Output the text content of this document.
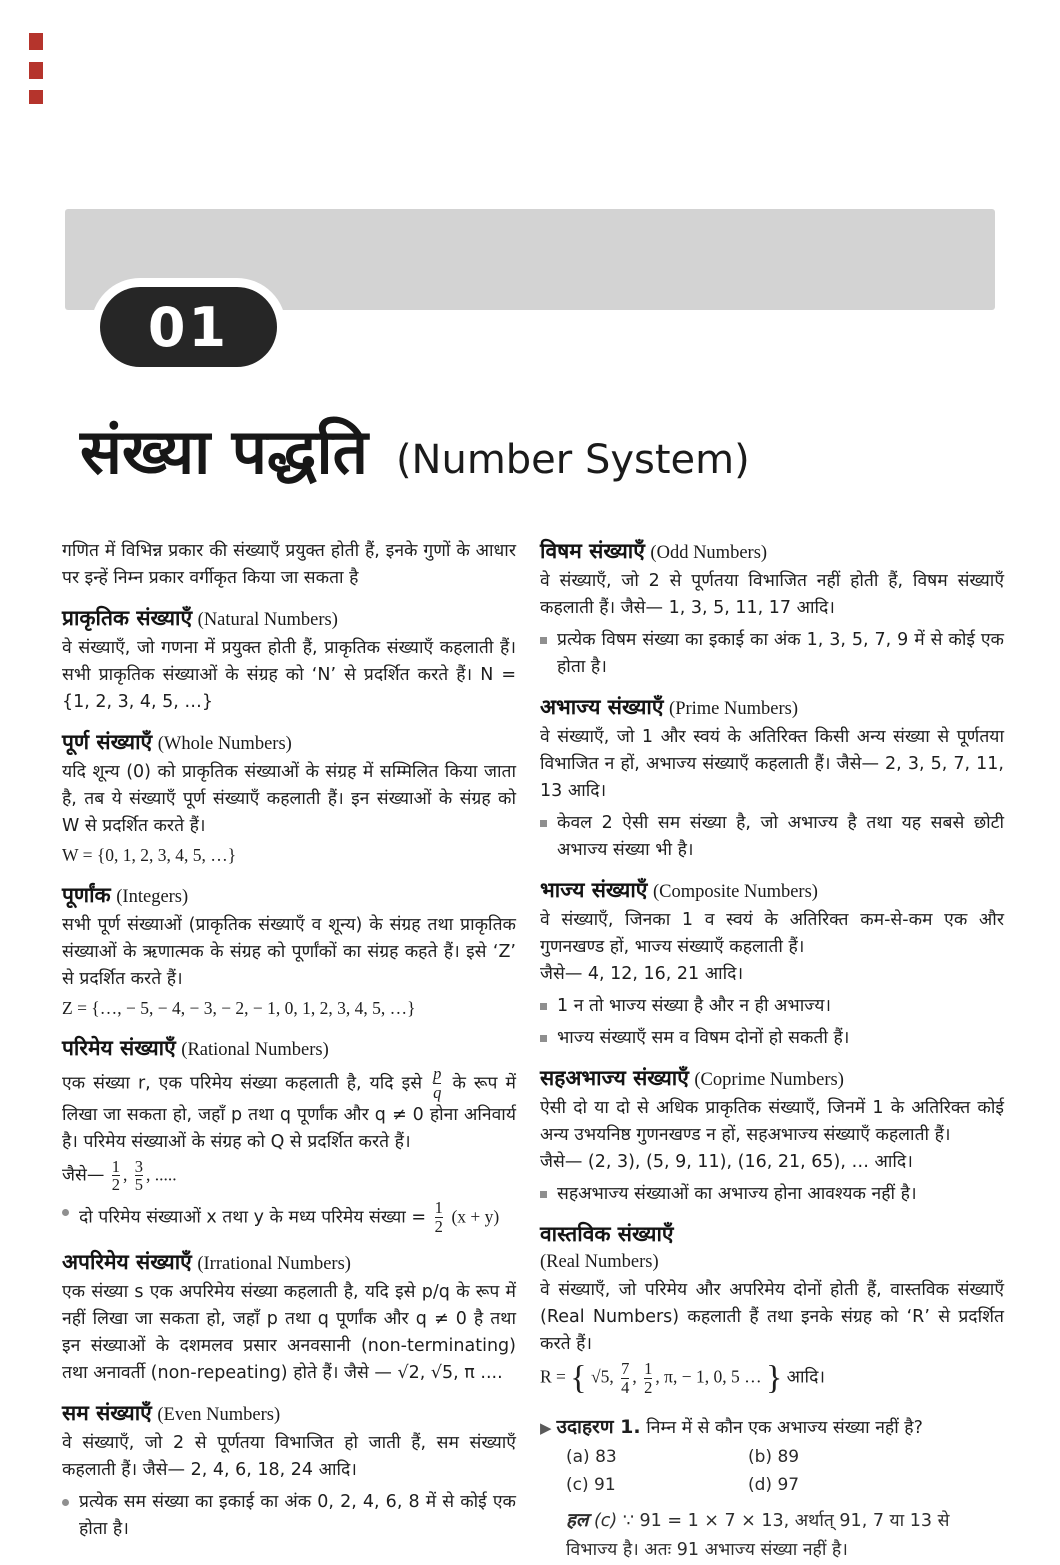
01
संख्या पद्धति (Number System)

गणित में विभिन्न प्रकार की संख्याएँ प्रयुक्त होती हैं, इनके गुणों के आधार पर इन्हें निम्न प्रकार वर्गीकृत किया जा सकता है

प्राकृतिक संख्याएँ (Natural Numbers)

वे संख्याएँ, जो गणना में प्रयुक्त होती हैं, प्राकृतिक संख्याएँ कहलाती हैं। सभी प्राकृतिक संख्याओं के संग्रह को ‘N’ से प्रदर्शित करते हैं। N = {1, 2, 3, 4, 5, …}

पूर्ण संख्याएँ (Whole Numbers)

यदि शून्य (0) को प्राकृतिक संख्याओं के संग्रह में सम्मिलित किया जाता है, तब ये संख्याएँ पूर्ण संख्याएँ कहलाती हैं। इन संख्याओं के संग्रह को W से प्रदर्शित करते हैं।

W = {0, 1, 2, 3, 4, 5, …}

पूर्णांक (Integers)

सभी पूर्ण संख्याओं (प्राकृतिक संख्याएँ व शून्य) के संग्रह तथा प्राकृतिक संख्याओं के ऋणात्मक के संग्रह को पूर्णांकों का संग्रह कहते हैं। इसे ‘Z’ से प्रदर्शित करते हैं।

Z = {…, − 5, − 4, − 3, − 2, − 1, 0, 1, 2, 3, 4, 5, …}

परिमेय संख्याएँ (Rational Numbers)

एक संख्या r, एक परिमेय संख्या कहलाती है, यदि इसे $\frac{p}{q}$ के रूप में लिखा जा सकता हो, जहाँ p तथा q पूर्णांक और q ≠ 0 होना अनिवार्य है। परिमेय संख्याओं के संग्रह को Q से प्रदर्शित करते हैं।

जैसे— $\frac{1}{2}$ , $\frac{3}{5}$ , .....

दो परिमेय संख्याओं x तथा y के मध्य परिमेय संख्या = $\frac{1}{2} (x + y)$
अपरिमेय संख्याएँ (Irrational Numbers)

एक संख्या s एक अपरिमेय संख्या कहलाती है, यदि इसे p/q के रूप में नहीं लिखा जा सकता हो, जहाँ p तथा q पूर्णांक और q ≠ 0 है तथा इन संख्याओं के दशमलव प्रसार अनवसानी (non-terminating) तथा अनावर्ती (non-repeating) होते हैं। जैसे — √2, √5, π ....

सम संख्याएँ (Even Numbers)

वे संख्याएँ, जो 2 से पूर्णतया विभाजित हो जाती हैं, सम संख्याएँ कहलाती हैं। जैसे— 2, 4, 6, 18, 24 आदि।

प्रत्येक सम संख्या का इकाई का अंक 0, 2, 4, 6, 8 में से कोई एक होता है।
विषम संख्याएँ (Odd Numbers)

वे संख्याएँ, जो 2 से पूर्णतया विभाजित नहीं होती हैं, विषम संख्याएँ कहलाती हैं। जैसे— 1, 3, 5, 11, 17 आदि।

प्रत्येक विषम संख्या का इकाई का अंक 1, 3, 5, 7, 9 में से कोई एक होता है।
अभाज्य संख्याएँ (Prime Numbers)

वे संख्याएँ, जो 1 और स्वयं के अतिरिक्त किसी अन्य संख्या से पूर्णतया विभाजित न हों, अभाज्य संख्याएँ कहलाती हैं। जैसे— 2, 3, 5, 7, 11, 13 आदि।

केवल 2 ऐसी सम संख्या है, जो अभाज्य है तथा यह सबसे छोटी अभाज्य संख्या भी है।
भाज्य संख्याएँ (Composite Numbers)

वे संख्याएँ, जिनका 1 व स्वयं के अतिरिक्त कम-से-कम एक और गुणनखण्ड हों, भाज्य संख्याएँ कहलाती हैं।

जैसे— 4, 12, 16, 21 आदि।

1 न तो भाज्य संख्या है और न ही अभाज्य।
भाज्य संख्याएँ सम व विषम दोनों हो सकती हैं।
सहअभाज्य संख्याएँ (Coprime Numbers)

ऐसी दो या दो से अधिक प्राकृतिक संख्याएँ, जिनमें 1 के अतिरिक्त कोई अन्य उभयनिष्ठ गुणनखण्ड न हों, सहअभाज्य संख्याएँ कहलाती हैं।

जैसे— (2, 3), (5, 9, 11), (16, 21, 65), … आदि।

सहअभाज्य संख्याओं का अभाज्य होना आवश्यक नहीं है।
वास्तविक संख्याएँ
(Real Numbers)

वे संख्याएँ, जो परिमेय और अपरिमेय दोनों होती हैं, वास्तविक संख्याएँ (Real Numbers) कहलाती हैं तथा इनके संग्रह को ‘R’ से प्रदर्शित करते हैं।

R = { √5, $\frac{7}{4}$ , $\frac{1}{2}$ , π, − 1, 0, 5 … } आदि।

▶ उदाहरण 1. निम्न में से कौन एक अभाज्य संख्या नहीं है?

(a) 83	(b) 89
(c) 91	(d) 97

हल (c) ∵ 91 = 1 × 7 × 13, अर्थात् 91, 7 या 13 से विभाज्य है। अतः 91 अभाज्य संख्या नहीं है।
